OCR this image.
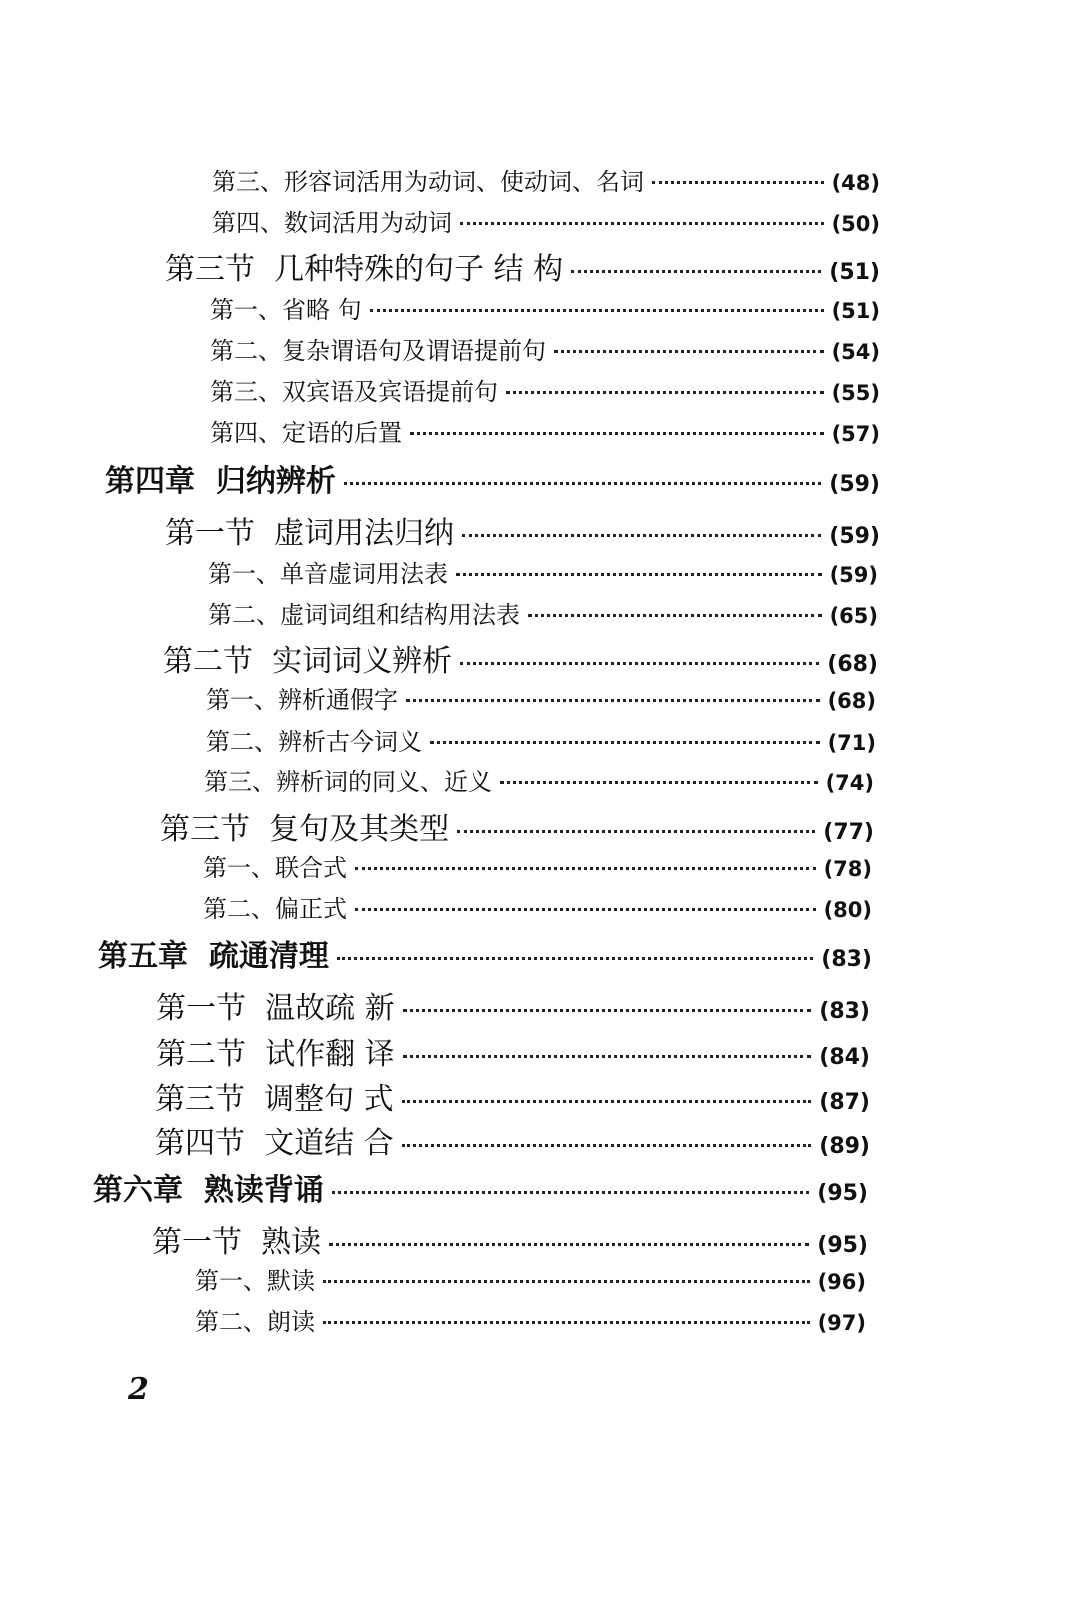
第三、形容词活用为动词、使动词、名词	(48)
第四、数词活用为动词	(50)
第三节  几种特殊的句子 结 构	(51)
第一、省略 句	(51)
第二、复杂谓语句及谓语提前句	(54)
第三、双宾语及宾语提前句	(55)
第四、定语的后置	(57)
第四章  归纳辨析	(59)
第一节  虚词用法归纳	(59)
第一、单音虚词用法表	(59)
第二、虚词词组和结构用法表	(65)
第二节  实词词义辨析	(68)
第一、辨析通假字	(68)
第二、辨析古今词义	(71)
第三、辨析词的同义、近义	(74)
第三节  复句及其类型	(77)
第一、联合式	(78)
第二、偏正式	(80)
第五章  疏通清理	(83)
第一节  温故疏 新	(83)
第二节  试作翻 译	(84)
第三节  调整句 式	(87)
第四节  文道结 合	(89)
第六章  熟读背诵	(95)
第一节  熟读	(95)
第一、默读	(96)
第二、朗读	(97)
2
